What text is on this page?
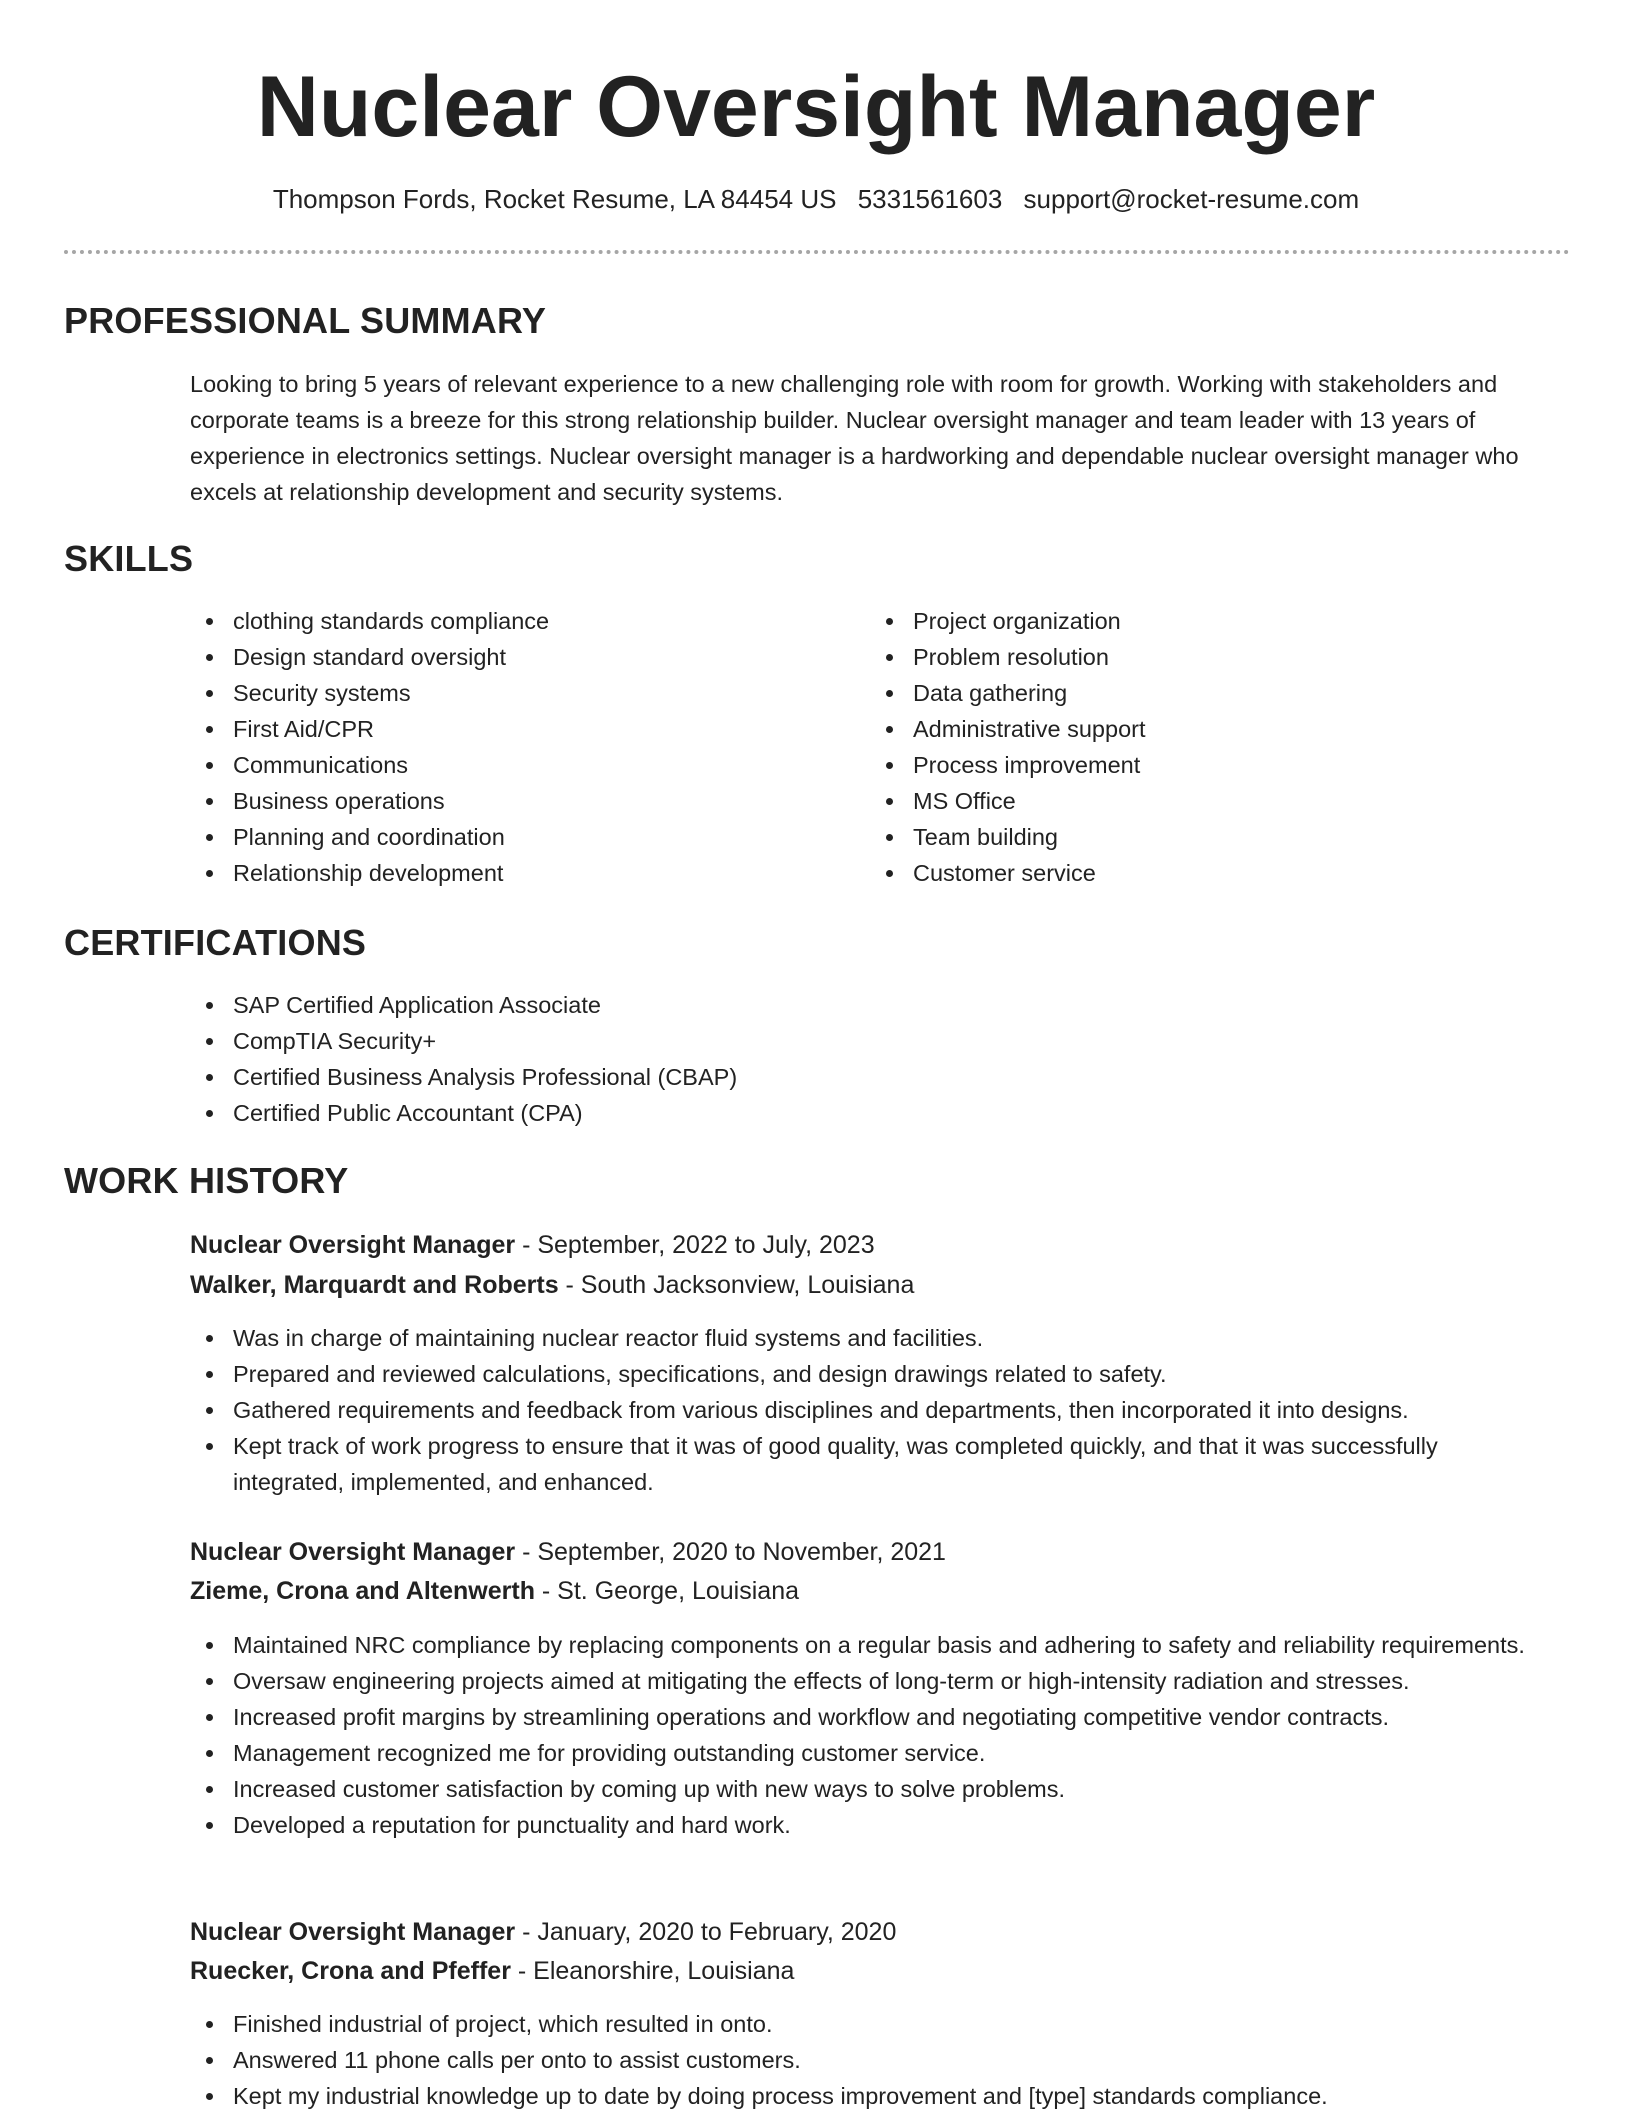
Nuclear Oversight Manager
Thompson Fords, Rocket Resume, LA 84454 US 5331561603 support@rocket-resume.com
PROFESSIONAL SUMMARY
Looking to bring 5 years of relevant experience to a new challenging role with room for growth. Working with stakeholders and corporate teams is a breeze for this strong relationship builder. Nuclear oversight manager and team leader with 13 years of experience in electronics settings. Nuclear oversight manager is a hardworking and dependable nuclear oversight manager who excels at relationship development and security systems.
SKILLS
clothing standards compliance
Design standard oversight
Security systems
First Aid/CPR
Communications
Business operations
Planning and coordination
Relationship development
Project organization
Problem resolution
Data gathering
Administrative support
Process improvement
MS Office
Team building
Customer service
CERTIFICATIONS
SAP Certified Application Associate
CompTIA Security+
Certified Business Analysis Professional (CBAP)
Certified Public Accountant (CPA)
WORK HISTORY
Nuclear Oversight Manager - September, 2022 to July, 2023
Walker, Marquardt and Roberts - South Jacksonview, Louisiana
Was in charge of maintaining nuclear reactor fluid systems and facilities.
Prepared and reviewed calculations, specifications, and design drawings related to safety.
Gathered requirements and feedback from various disciplines and departments, then incorporated it into designs.
Kept track of work progress to ensure that it was of good quality, was completed quickly, and that it was successfully integrated, implemented, and enhanced.
Nuclear Oversight Manager - September, 2020 to November, 2021
Zieme, Crona and Altenwerth - St. George, Louisiana
Maintained NRC compliance by replacing components on a regular basis and adhering to safety and reliability requirements.
Oversaw engineering projects aimed at mitigating the effects of long-term or high-intensity radiation and stresses.
Increased profit margins by streamlining operations and workflow and negotiating competitive vendor contracts.
Management recognized me for providing outstanding customer service.
Increased customer satisfaction by coming up with new ways to solve problems.
Developed a reputation for punctuality and hard work.
Nuclear Oversight Manager - January, 2020 to February, 2020
Ruecker, Crona and Pfeffer - Eleanorshire, Louisiana
Finished industrial of project, which resulted in onto.
Answered 11 phone calls per onto to assist customers.
Kept my industrial knowledge up to date by doing process improvement and [type] standards compliance.
